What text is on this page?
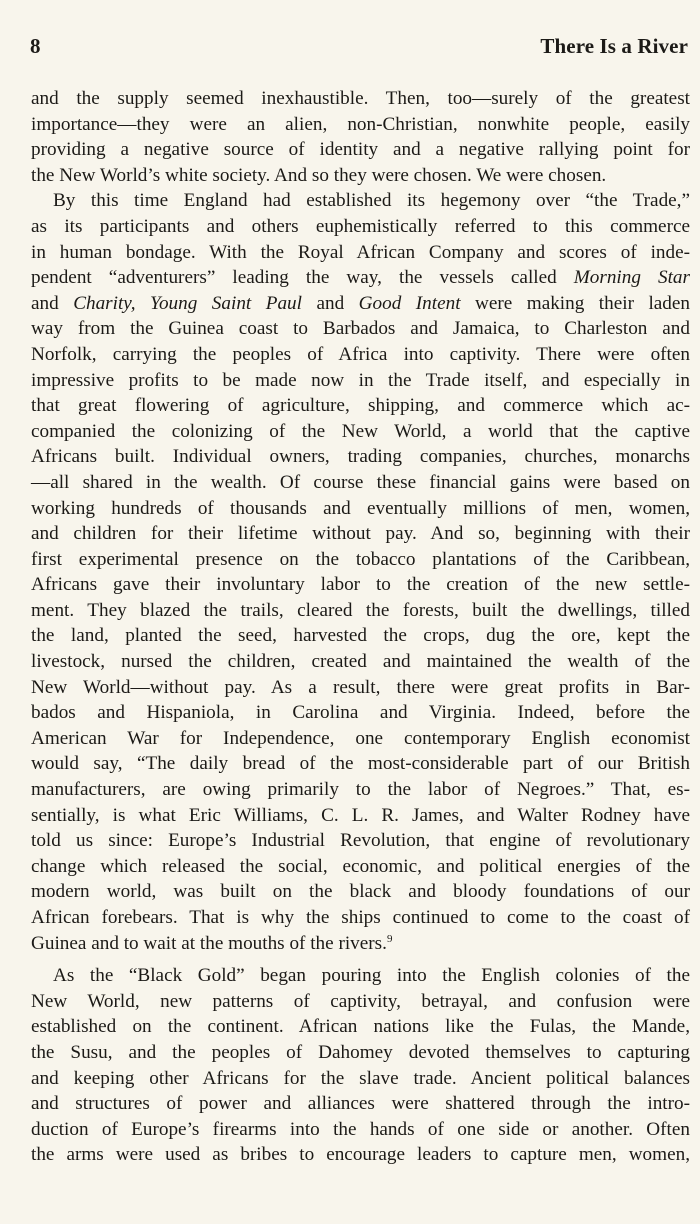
8	There Is a River
and the supply seemed inexhaustible. Then, too—surely of the greatest
importance—they were an alien, non-Christian, nonwhite people, easily
providing a negative source of identity and a negative rallying point for
the New World’s white society. And so they were chosen. We were chosen.
By this time England had established its hegemony over “the Trade,”
as its participants and others euphemistically referred to this commerce
in human bondage. With the Royal African Company and scores of inde-
pendent “adventurers” leading the way, the vessels called Morning Star
and Charity, Young Saint Paul and Good Intent were making their laden
way from the Guinea coast to Barbados and Jamaica, to Charleston and
Norfolk, carrying the peoples of Africa into captivity. There were often
impressive profits to be made now in the Trade itself, and especially in
that great flowering of agriculture, shipping, and commerce which ac-
companied the colonizing of the New World, a world that the captive
Africans built. Individual owners, trading companies, churches, monarchs
—all shared in the wealth. Of course these financial gains were based on
working hundreds of thousands and eventually millions of men, women,
and children for their lifetime without pay. And so, beginning with their
first experimental presence on the tobacco plantations of the Caribbean,
Africans gave their involuntary labor to the creation of the new settle-
ment. They blazed the trails, cleared the forests, built the dwellings, tilled
the land, planted the seed, harvested the crops, dug the ore, kept the
livestock, nursed the children, created and maintained the wealth of the
New World—without pay. As a result, there were great profits in Bar-
bados and Hispaniola, in Carolina and Virginia. Indeed, before the
American War for Independence, one contemporary English economist
would say, “The daily bread of the most-considerable part of our British
manufacturers, are owing primarily to the labor of Negroes.” That, es-
sentially, is what Eric Williams, C. L. R. James, and Walter Rodney have
told us since: Europe’s Industrial Revolution, that engine of revolutionary
change which released the social, economic, and political energies of the
modern world, was built on the black and bloody foundations of our
African forebears. That is why the ships continued to come to the coast of
Guinea and to wait at the mouths of the rivers.$^9$
As the “Black Gold” began pouring into the English colonies of the
New World, new patterns of captivity, betrayal, and confusion were
established on the continent. African nations like the Fulas, the Mande,
the Susu, and the peoples of Dahomey devoted themselves to capturing
and keeping other Africans for the slave trade. Ancient political balances
and structures of power and alliances were shattered through the intro-
duction of Europe’s firearms into the hands of one side or another. Often
the arms were used as bribes to encourage leaders to capture men, women,
